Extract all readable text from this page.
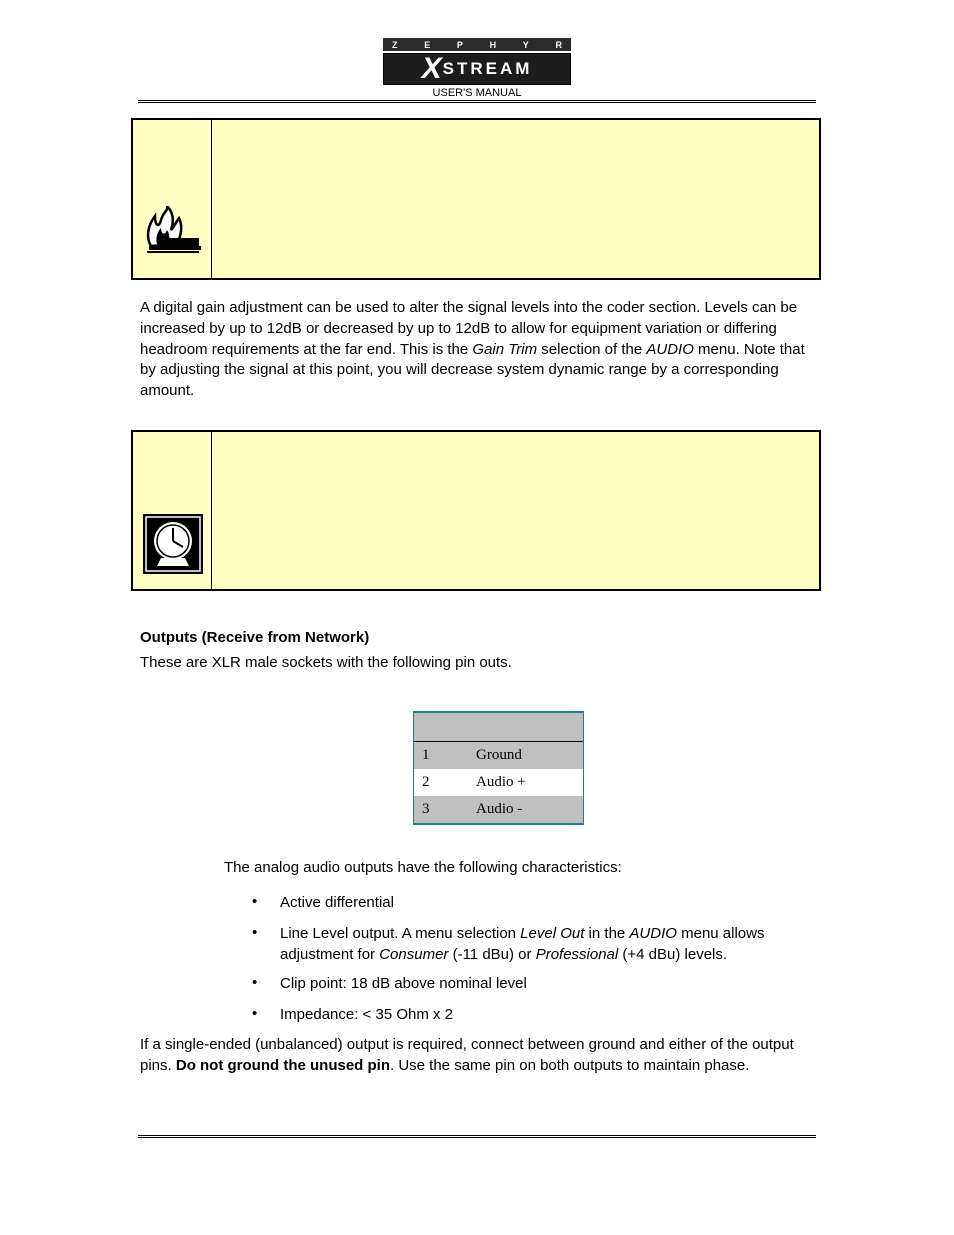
Z	E	P	H	Y	R
X STREAM
USER'S MANUAL
A digital gain adjustment can be used to alter the signal levels into the coder section. Levels can be increased by up to 12dB or decreased by up to 12dB to allow for equipment variation or differing headroom requirements at the far end. This is the Gain Trim selection of the AUDIO menu. Note that by adjusting the signal at this point, you will decrease system dynamic range by a corresponding amount.
Outputs (Receive from Network)
These are XLR male sockets with the following pin outs.
1	Ground
2	Audio +
3	Audio -
The analog audio outputs have the following characteristics:
• Active differential
• Line Level output. A menu selection Level Out in the AUDIO menu allows adjustment for Consumer (-11 dBu) or Professional (+4 dBu) levels.
• Clip point: 18 dB above nominal level
• Impedance: < 35 Ohm x 2
If a single-ended (unbalanced) output is required, connect between ground and either of the output pins. Do not ground the unused pin. Use the same pin on both outputs to maintain phase.
